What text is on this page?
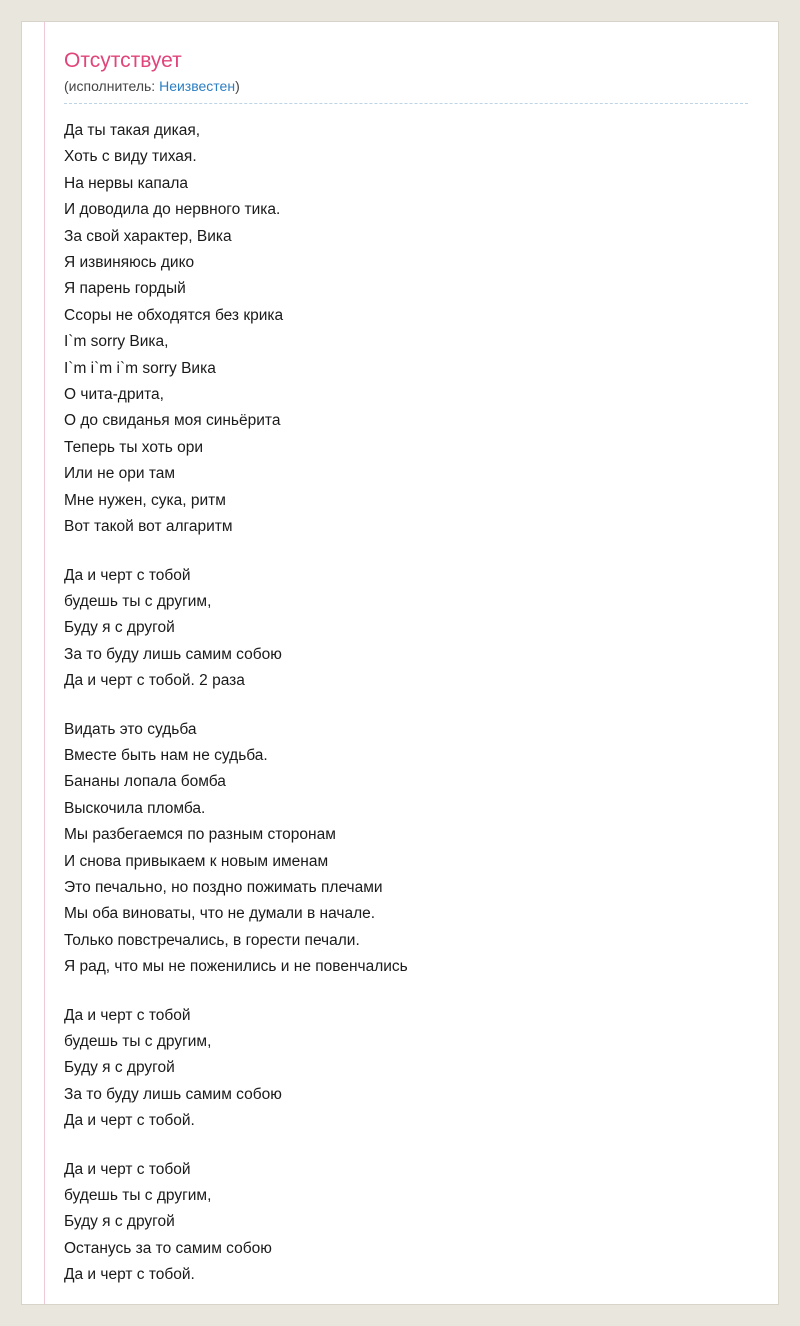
Отсутствует
(исполнитель: Неизвестен)

Да ты такая дикая,
Хоть с виду тихая.
На нервы капала
И доводила до нервного тика.
За свой характер, Вика
Я извиняюсь дико
Я парень гордый
Ссоры не обходятся без крика
I`m sorry Вика,
I`m i`m i`m sorry Вика
О чита-дрита,
О до свиданья моя синьёрита
Теперь ты хоть ори
Или не ори там
Мне нужен, сука, ритм
Вот такой вот алгаритм

Да и черт с тобой
будешь ты с другим,
Буду я с другой
За то буду лишь самим собою
Да и черт с тобой. 2 раза

Видать это судьба
Вместе быть нам не судьба.
Бананы лопала бомба
Выскочила пломба.
Мы разбегаемся по разным сторонам
И снова привыкаем к новым именам
Это печально, но поздно пожимать плечами
Мы оба виноваты, что не думали в начале.
Только повстречались, в горести печали.
Я рад, что мы не поженились и не повенчались

Да и черт с тобой
будешь ты с другим,
Буду я с другой
За то буду лишь самим собою
Да и черт с тобой.

Да и черт с тобой
будешь ты с другим,
Буду я с другой
Останусь за то самим собою
Да и черт с тобой.
